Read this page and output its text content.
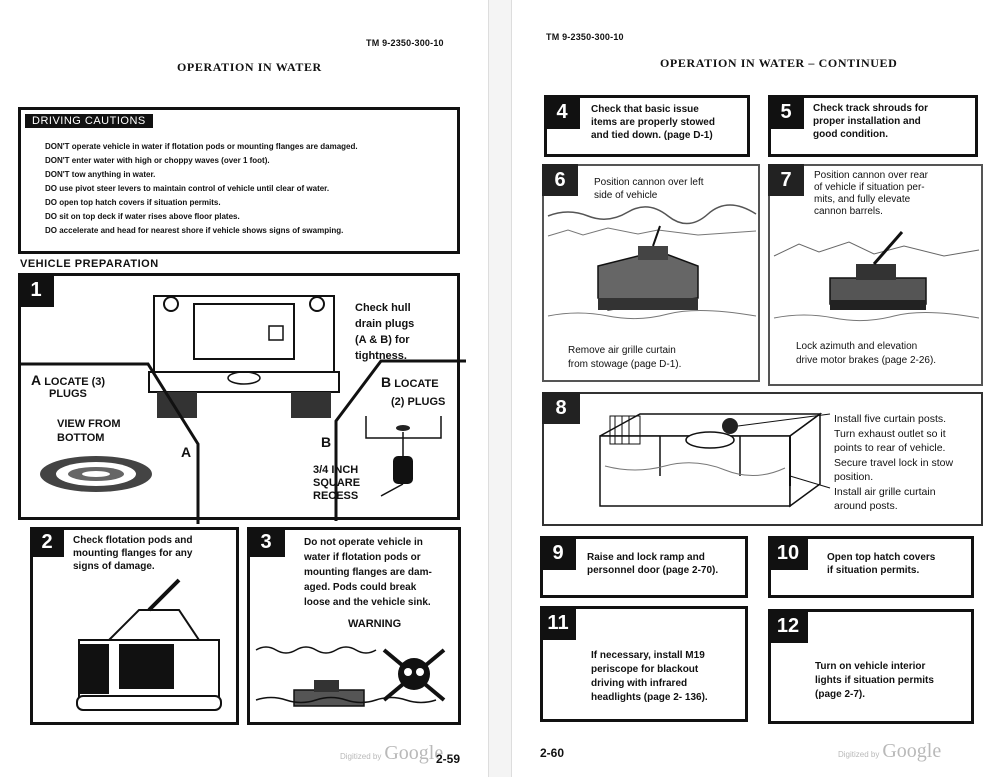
TM 9-2350-300-10
OPERATION IN WATER
DRIVING CAUTIONS
DON'T operate vehicle in water if flotation pods or mounting flanges are damaged.
DON'T enter water with high or choppy waves (over 1 foot).
DON'T tow anything in water.
DO use pivot steer levers to maintain control of vehicle until clear of water.
DO open top hatch covers if situation permits.
DO sit on top deck if water rises above floor plates.
DO accelerate and head for nearest shore if vehicle shows signs of swamping.
VEHICLE PREPARATION
1
Check hull
drain plugs
(A & B) for
tightness.
A LOCATE (3)
PLUGS
VIEW FROM
BOTTOM
B LOCATE
(2) PLUGS
3/4 INCH
SQUARE
RECESS
A
B
2	Check flotation pods and
mounting flanges for any
signs of damage.
3	Do not operate vehicle in
water if flotation pods or
mounting flanges are dam-
aged. Pods could break
loose and the vehicle sink.
WARNING
Digitized by Google
2-59
TM 9-2350-300-10
OPERATION IN WATER – CONTINUED
4	Check that basic issue
items are properly stowed
and tied down. (page D-1)
5	Check track shrouds for
proper installation and
good condition.
6	Position cannon over left
side of vehicle
Remove air grille curtain
from stowage (page D-1).
7	Position cannon over rear
of vehicle if situation per-
mits, and fully elevate
cannon barrels.
Lock azimuth and elevation
drive motor brakes (page 2-26).
8	Install five curtain posts.
Turn exhaust outlet so it
points to rear of vehicle.
Secure travel lock in stow
position.
Install air grille curtain
around posts.
9	Raise and lock ramp and
personnel door (page 2-70).
10	Open top hatch covers
if situation permits.
11
If necessary, install M19
periscope for blackout
driving with infrared
headlights (page 2- 136).
12
Turn on vehicle interior
lights if situation permits
(page 2-7).
2-60	Digitized by Google
